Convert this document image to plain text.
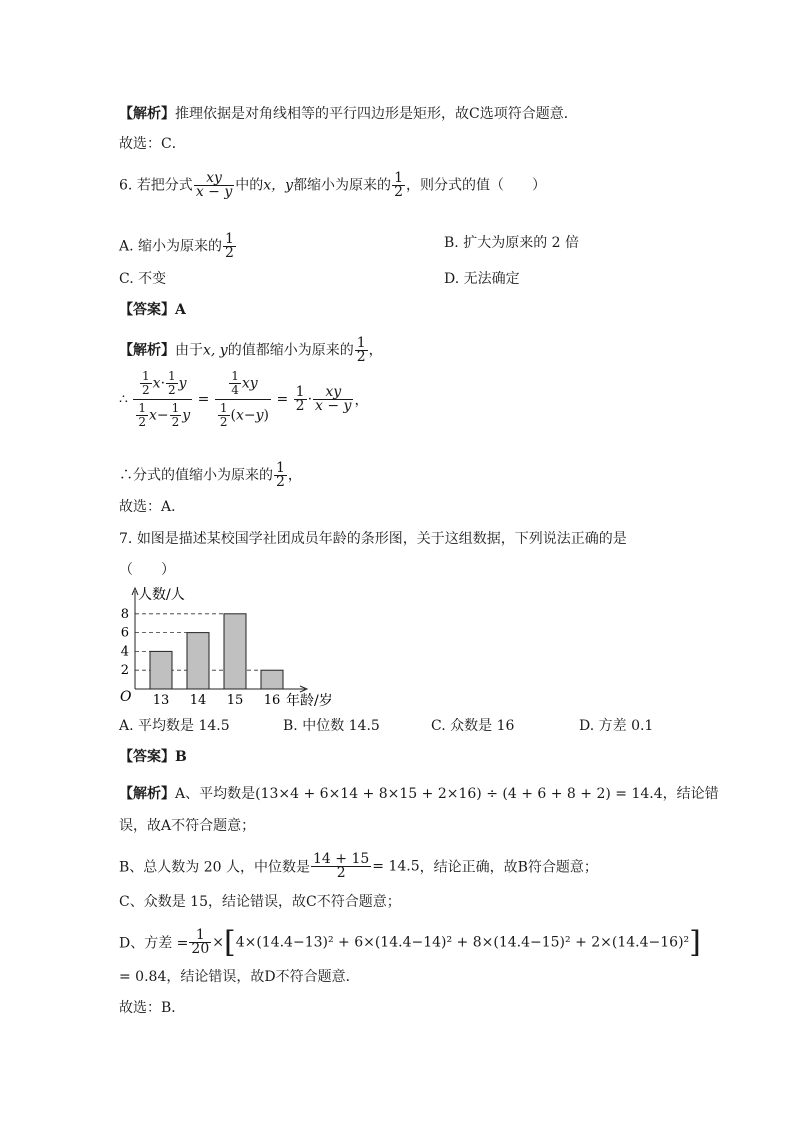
【解析】推理依据是对角线相等的平行四边形是矩形，故C选项符合题意．
故选：C．
6. 若把分式 $\frac{xy}{x - y}$ 中的x，y都缩小为原来的 $\frac{1}{2}$ ，则分式的值（　　）
A. 缩小为原来的 $\frac{1}{2}$	B. 扩大为原来的 2 倍
C. 不变	D. 无法确定
【答案】A
【解析】由于x, y的值都缩小为原来的 $\frac{1}{2}$ ，
∴ $\frac{\frac{1}{2} x\cdot \frac{1}{2} y}{\frac{1}{2} x- \frac{1}{2} y} = \frac{\frac{1}{4} xy}{\frac{1}{2} (x-y)} = \frac{1}{2} \cdot \frac{xy}{x - y}$ ，
∴分式的值缩小为原来的 $\frac{1}{2}$ ，
故选：A．
7. 如图是描述某校国学社团成员年龄的条形图，关于这组数据，下列说法正确的是
（　　）
13 14 15 16
2
4
6
8
人数/人
年龄/岁
O
A. 平均数是 14.5	B. 中位数 14.5	C. 众数是 16	D. 方差 0.1
【答案】B
【解析】A、平均数是(13×4 + 6×14 + 8×15 + 2×16) ÷ (4 + 6 + 8 + 2) = 14.4，结论错
误，故A不符合题意；
B、总人数为 20 人，中位数是 $\frac{14 + 15}{2} = 14.5$，结论正确，故B符合题意；
C、众数是 15，结论错误，故C不符合题意；
D、方差 = $\frac{1}{20} \times[4\times(14.4-13)^2 + 6\times(14.4-14)^2 + 8\times(14.4-15)^2 + 2\times(14.4-16)^2]$
= 0.84，结论错误，故D不符合题意．
故选：B．
